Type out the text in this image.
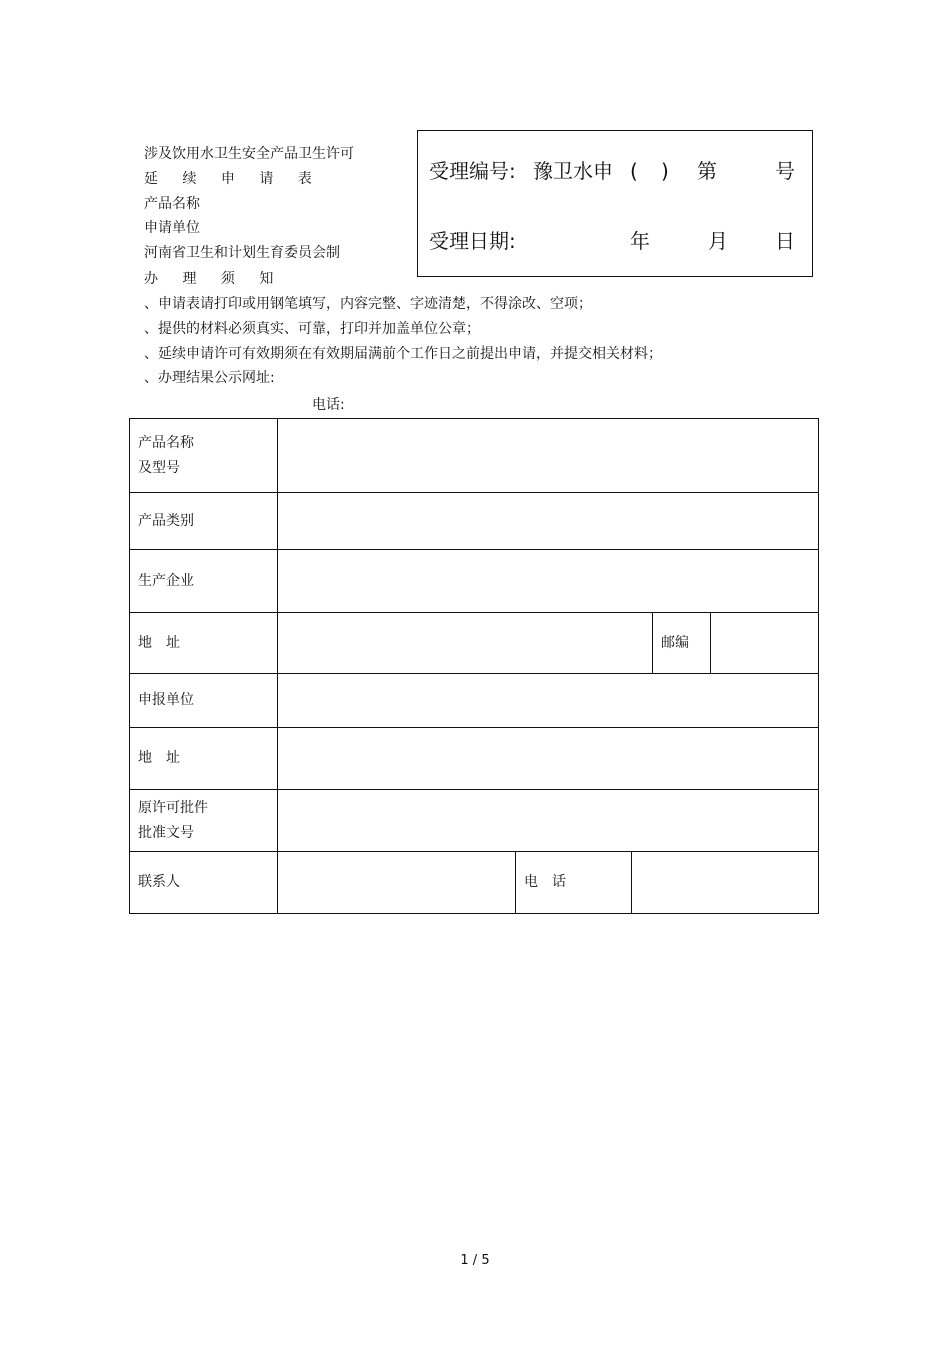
涉及饮用水卫生安全产品卫生许可
延 续 申 请 表
产品名称
申请单位
河南省卫生和计划生育委员会制
办 理 须 知
受理编号: 豫卫水申 ( ) 第	号
受理日期:	年	月 日
、申请表请打印或用钢笔填写，内容完整、字迹清楚，不得涂改、空项；
、提供的材料必须真实、可靠，打印并加盖单位公章；
、延续申请许可有效期须在有效期届满前个工作日之前提出申请，并提交相关材料；
、办理结果公示网址:
电话:
产品名称
及型号					

产品类别					
生产企业					
地址				邮编	
申报单位					
地址					

原许可批件
批准文号					

联系人		电话			
1 / 5
